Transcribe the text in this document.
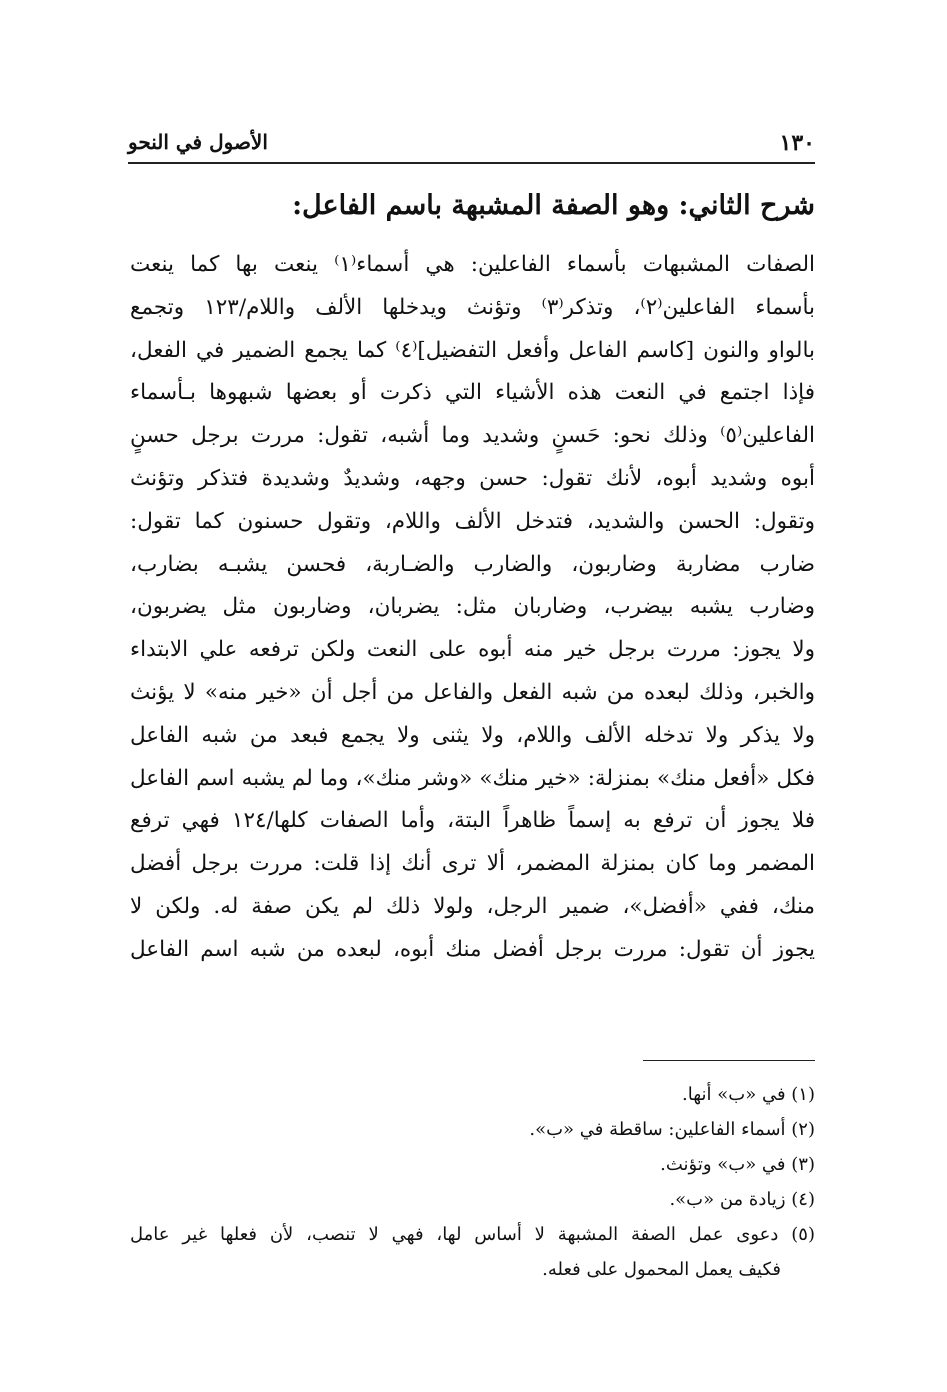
١٣٠
الأصول في النحو
شرح الثاني: وهو الصفة المشبهة باسم الفاعل:
الصفات المشبهات بأسماء الفاعلين: هي أسماء⁽١⁾ ينعت بها كما ينعت
بأسماء الفاعلين⁽٢⁾، وتذكر⁽٣⁾ وتؤنث ويدخلها الألف واللام/١٢٣ وتجمع
بالواو والنون [كاسم الفاعل وأفعل التفضيل]⁽٤⁾ كما يجمع الضمير في الفعل،
فإذا اجتمع في النعت هذه الأشياء التي ذكرت أو بعضها شبهوها بـأسماء
الفاعلين⁽٥⁾ وذلك نحو: حَسنٍ وشديد وما أشبه، تقول: مررت برجل حسنٍ
أبوه وشديد أبوه، لأنك تقول: حسن وجهه، وشديدٌ وشديدة فتذكر وتؤنث
وتقول: الحسن والشديد، فتدخل الألف واللام، وتقول حسنون كما تقول:
ضارب مضاربة وضاربون، والضارب والضـاربة، فحسن يشبـه بضارب،
وضارب يشبه بيضرب، وضاربان مثل: يضربان، وضاربون مثل يضربون،
ولا يجوز: مررت برجل خير منه أبوه على النعت ولكن ترفعه علي الابتداء
والخبر، وذلك لبعده من شبه الفعل والفاعل من أجل أن «خير منه» لا يؤنث
ولا يذكر ولا تدخله الألف واللام، ولا يثنى ولا يجمع فبعد من شبه الفاعل
فكل «أفعل منك» بمنزلة: «خير منك» «وشر منك»، وما لم يشبه اسم الفاعل
فلا يجوز أن ترفع به إسماً ظاهراً البتة، وأما الصفات كلها/١٢٤ فهي ترفع
المضمر وما كان بمنزلة المضمر، ألا ترى أنك إذا قلت: مررت برجل أفضل
منك، ففي «أفضل»، ضمير الرجل، ولولا ذلك لم يكن صفة له. ولكن لا
يجوز أن تقول: مررت برجل أفضل منك أبوه، لبعده من شبه اسم الفاعل
(١) في «ب» أنها.
(٢) أسماء الفاعلين: ساقطة في «ب».
(٣) في «ب» وتؤنث.
(٤) زيادة من «ب».
(٥) دعوى عمل الصفة المشبهة لا أساس لها، فهي لا تنصب، لأن فعلها غير عامل
فكيف يعمل المحمول على فعله.
